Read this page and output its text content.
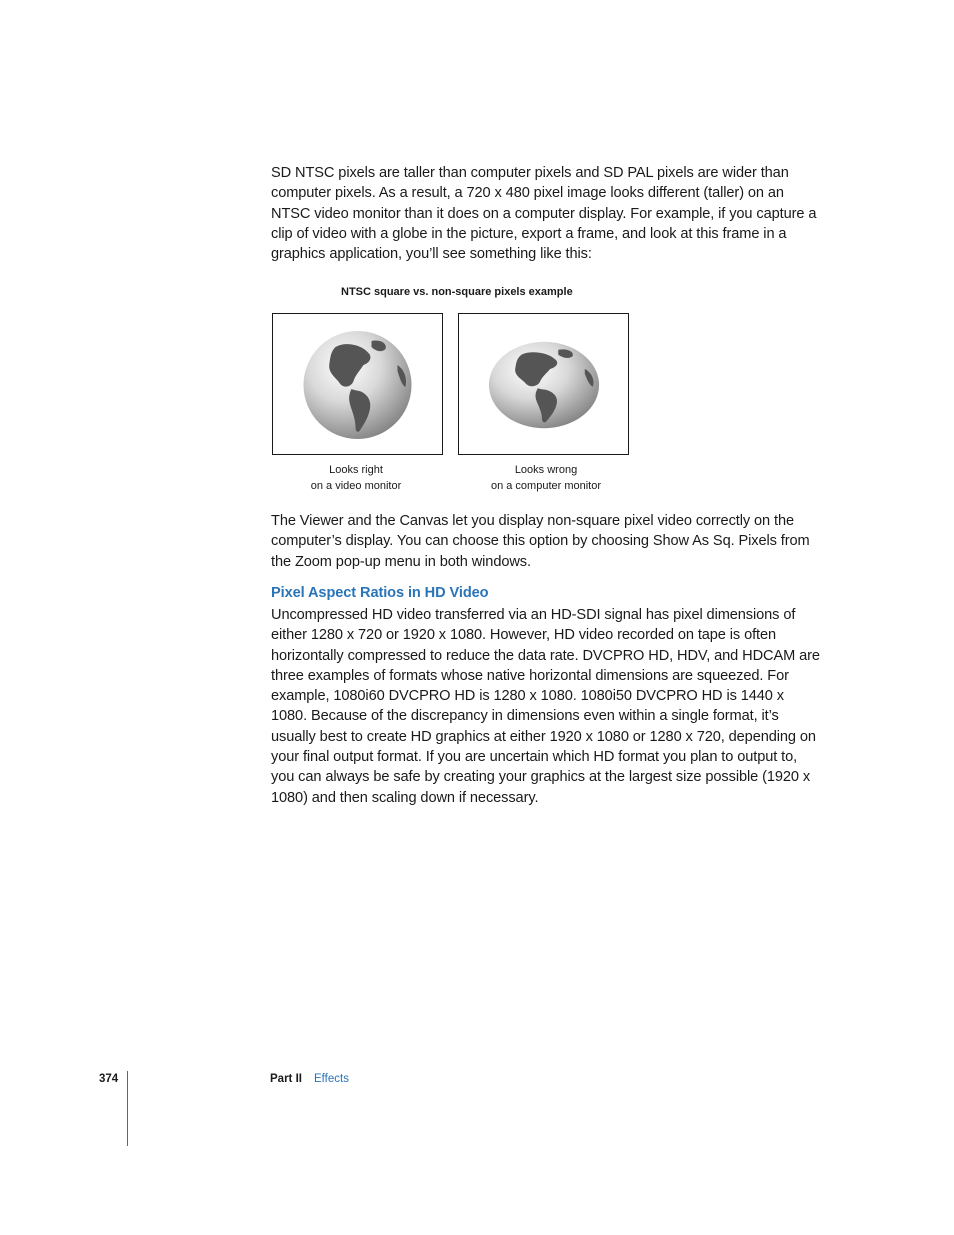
SD NTSC pixels are taller than computer pixels and SD PAL pixels are wider than computer pixels. As a result, a 720 x 480 pixel image looks different (taller) on an NTSC video monitor than it does on a computer display. For example, if you capture a clip of video with a globe in the picture, export a frame, and look at this frame in a graphics application, you’ll see something like this:

NTSC square vs. non-square pixels example
Looks right
on a video monitor
Looks wrong
on a computer monitor

The Viewer and the Canvas let you display non-square pixel video correctly on the computer’s display. You can choose this option by choosing Show As Sq. Pixels from the Zoom pop-up menu in both windows.

Pixel Aspect Ratios in HD Video

Uncompressed HD video transferred via an HD-SDI signal has pixel dimensions of either 1280 x 720 or 1920 x 1080. However, HD video recorded on tape is often horizontally compressed to reduce the data rate. DVCPRO HD, HDV, and HDCAM are three examples of formats whose native horizontal dimensions are squeezed. For example, 1080i60 DVCPRO HD is 1280 x 1080. 1080i50 DVCPRO HD is 1440 x 1080. Because of the discrepancy in dimensions even within a single format, it’s usually best to create HD graphics at either 1920 x 1080 or 1280 x 720, depending on your final output format. If you are uncertain which HD format you plan to output to, you can always be safe by creating your graphics at the largest size possible (1920 x 1080) and then scaling down if necessary.

374	Part II Effects
